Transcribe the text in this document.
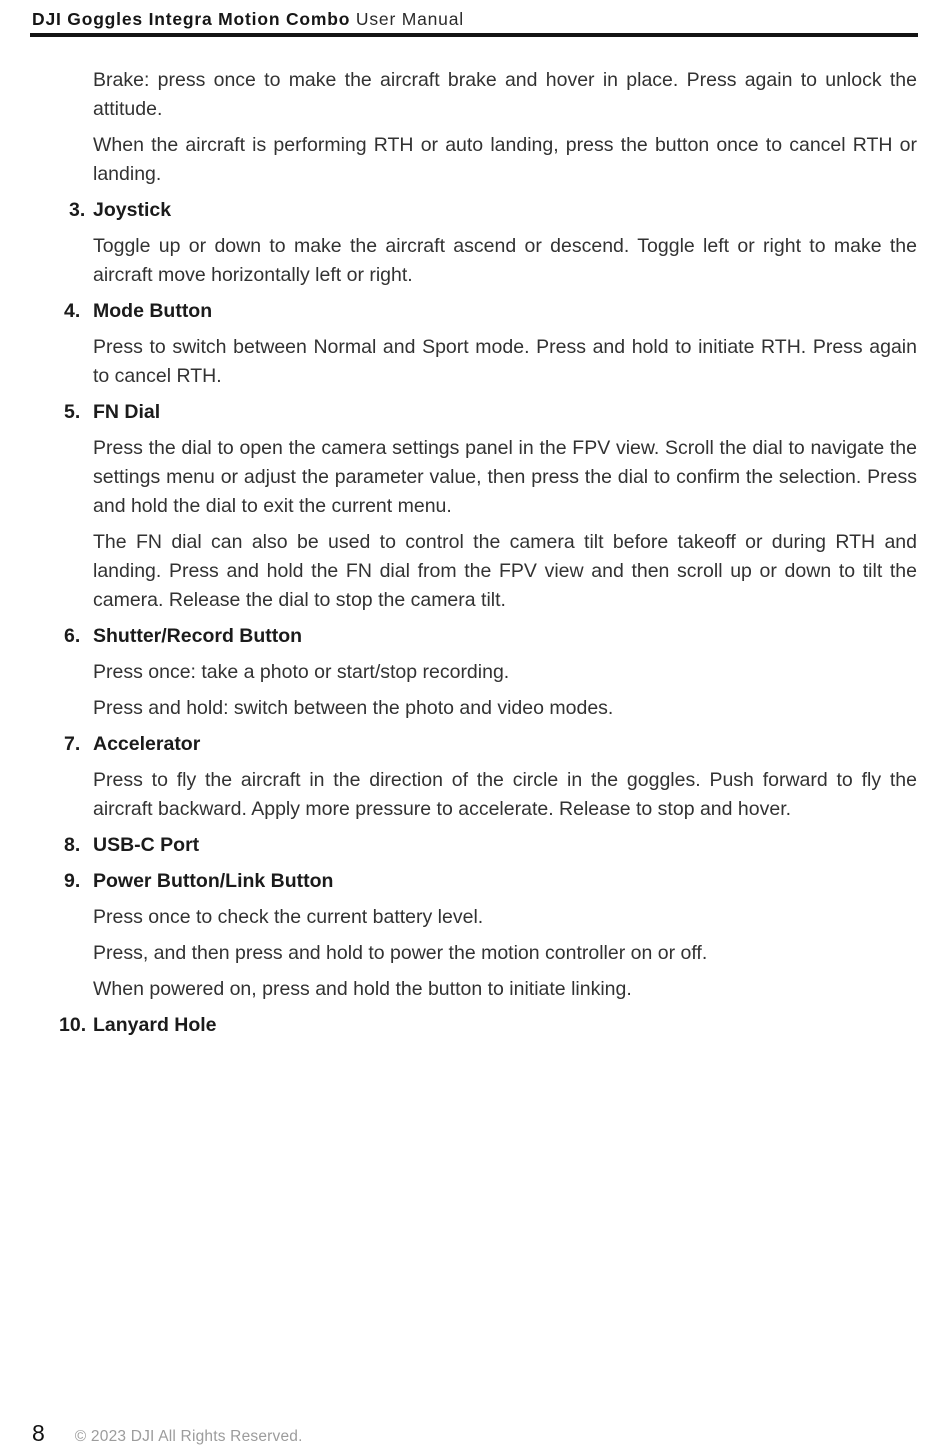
DJI Goggles Integra Motion Combo User Manual

Brake: press once to make the aircraft brake and hover in place. Press again to unlock the attitude.

When the aircraft is performing RTH or auto landing, press the button once to cancel RTH or landing.

3. Joystick

Toggle up or down to make the aircraft ascend or descend. Toggle left or right to make the aircraft move horizontally left or right.

4. Mode Button

Press to switch between Normal and Sport mode. Press and hold to initiate RTH. Press again to cancel RTH.

5. FN Dial

Press the dial to open the camera settings panel in the FPV view. Scroll the dial to navigate the settings menu or adjust the parameter value, then press the dial to confirm the selection. Press and hold the dial to exit the current menu.

The FN dial can also be used to control the camera tilt before takeoff or during RTH and landing. Press and hold the FN dial from the FPV view and then scroll up or down to tilt the camera. Release the dial to stop the camera tilt.

6. Shutter/Record Button

Press once: take a photo or start/stop recording.

Press and hold: switch between the photo and video modes.

7. Accelerator

Press to fly the aircraft in the direction of the circle in the goggles. Push forward to fly the aircraft backward. Apply more pressure to accelerate. Release to stop and hover.

8. USB-C Port
9. Power Button/Link Button

Press once to check the current battery level.

Press, and then press and hold to power the motion controller on or off.

When powered on, press and hold the button to initiate linking.

10. Lanyard Hole
8 © 2023 DJI All Rights Reserved.
